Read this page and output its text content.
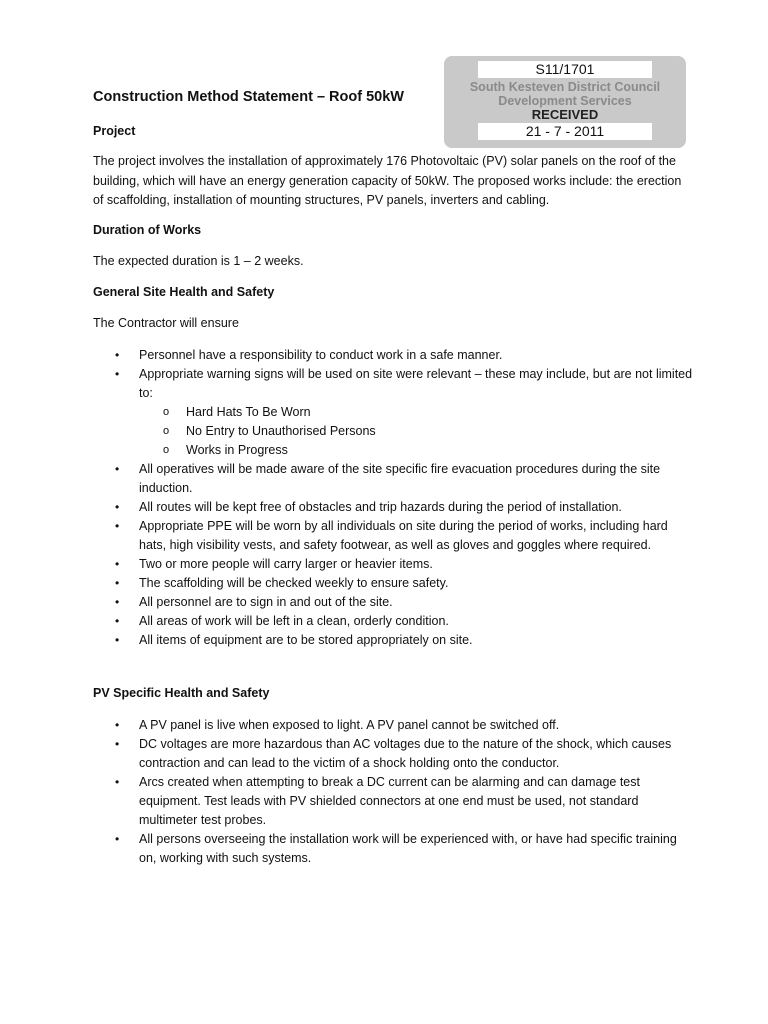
S11/1701
South Kesteven District Council
Development Services
RECEIVED
21 - 7 - 2011
Construction Method Statement – Roof 50kW
Project

The project involves the installation of approximately 176 Photovoltaic (PV) solar panels on the roof of the building, which will have an energy generation capacity of 50kW. The proposed works include: the erection of scaffolding, installation of mounting structures, PV panels, inverters and cabling.

Duration of Works

The expected duration is 1 – 2 weeks.

General Site Health and Safety

The Contractor will ensure

• Personnel have a responsibility to conduct work in a safe manner.
• Appropriate warning signs will be used on site were relevant – these may include, but are not limited to:
o Hard Hats To Be Worn
o No Entry to Unauthorised Persons
o Works in Progress
• All operatives will be made aware of the site specific fire evacuation procedures during the site induction.
• All routes will be kept free of obstacles and trip hazards during the period of installation.
• Appropriate PPE will be worn by all individuals on site during the period of works, including hard hats, high visibility vests, and safety footwear, as well as gloves and goggles where required.
• Two or more people will carry larger or heavier items.
• The scaffolding will be checked weekly to ensure safety.
• All personnel are to sign in and out of the site.
• All areas of work will be left in a clean, orderly condition.
• All items of equipment are to be stored appropriately on site.
PV Specific Health and Safety
• A PV panel is live when exposed to light. A PV panel cannot be switched off.
• DC voltages are more hazardous than AC voltages due to the nature of the shock, which causes contraction and can lead to the victim of a shock holding onto the conductor.
• Arcs created when attempting to break a DC current can be alarming and can damage test equipment. Test leads with PV shielded connectors at one end must be used, not standard multimeter test probes.
• All persons overseeing the installation work will be experienced with, or have had specific training on, working with such systems.
